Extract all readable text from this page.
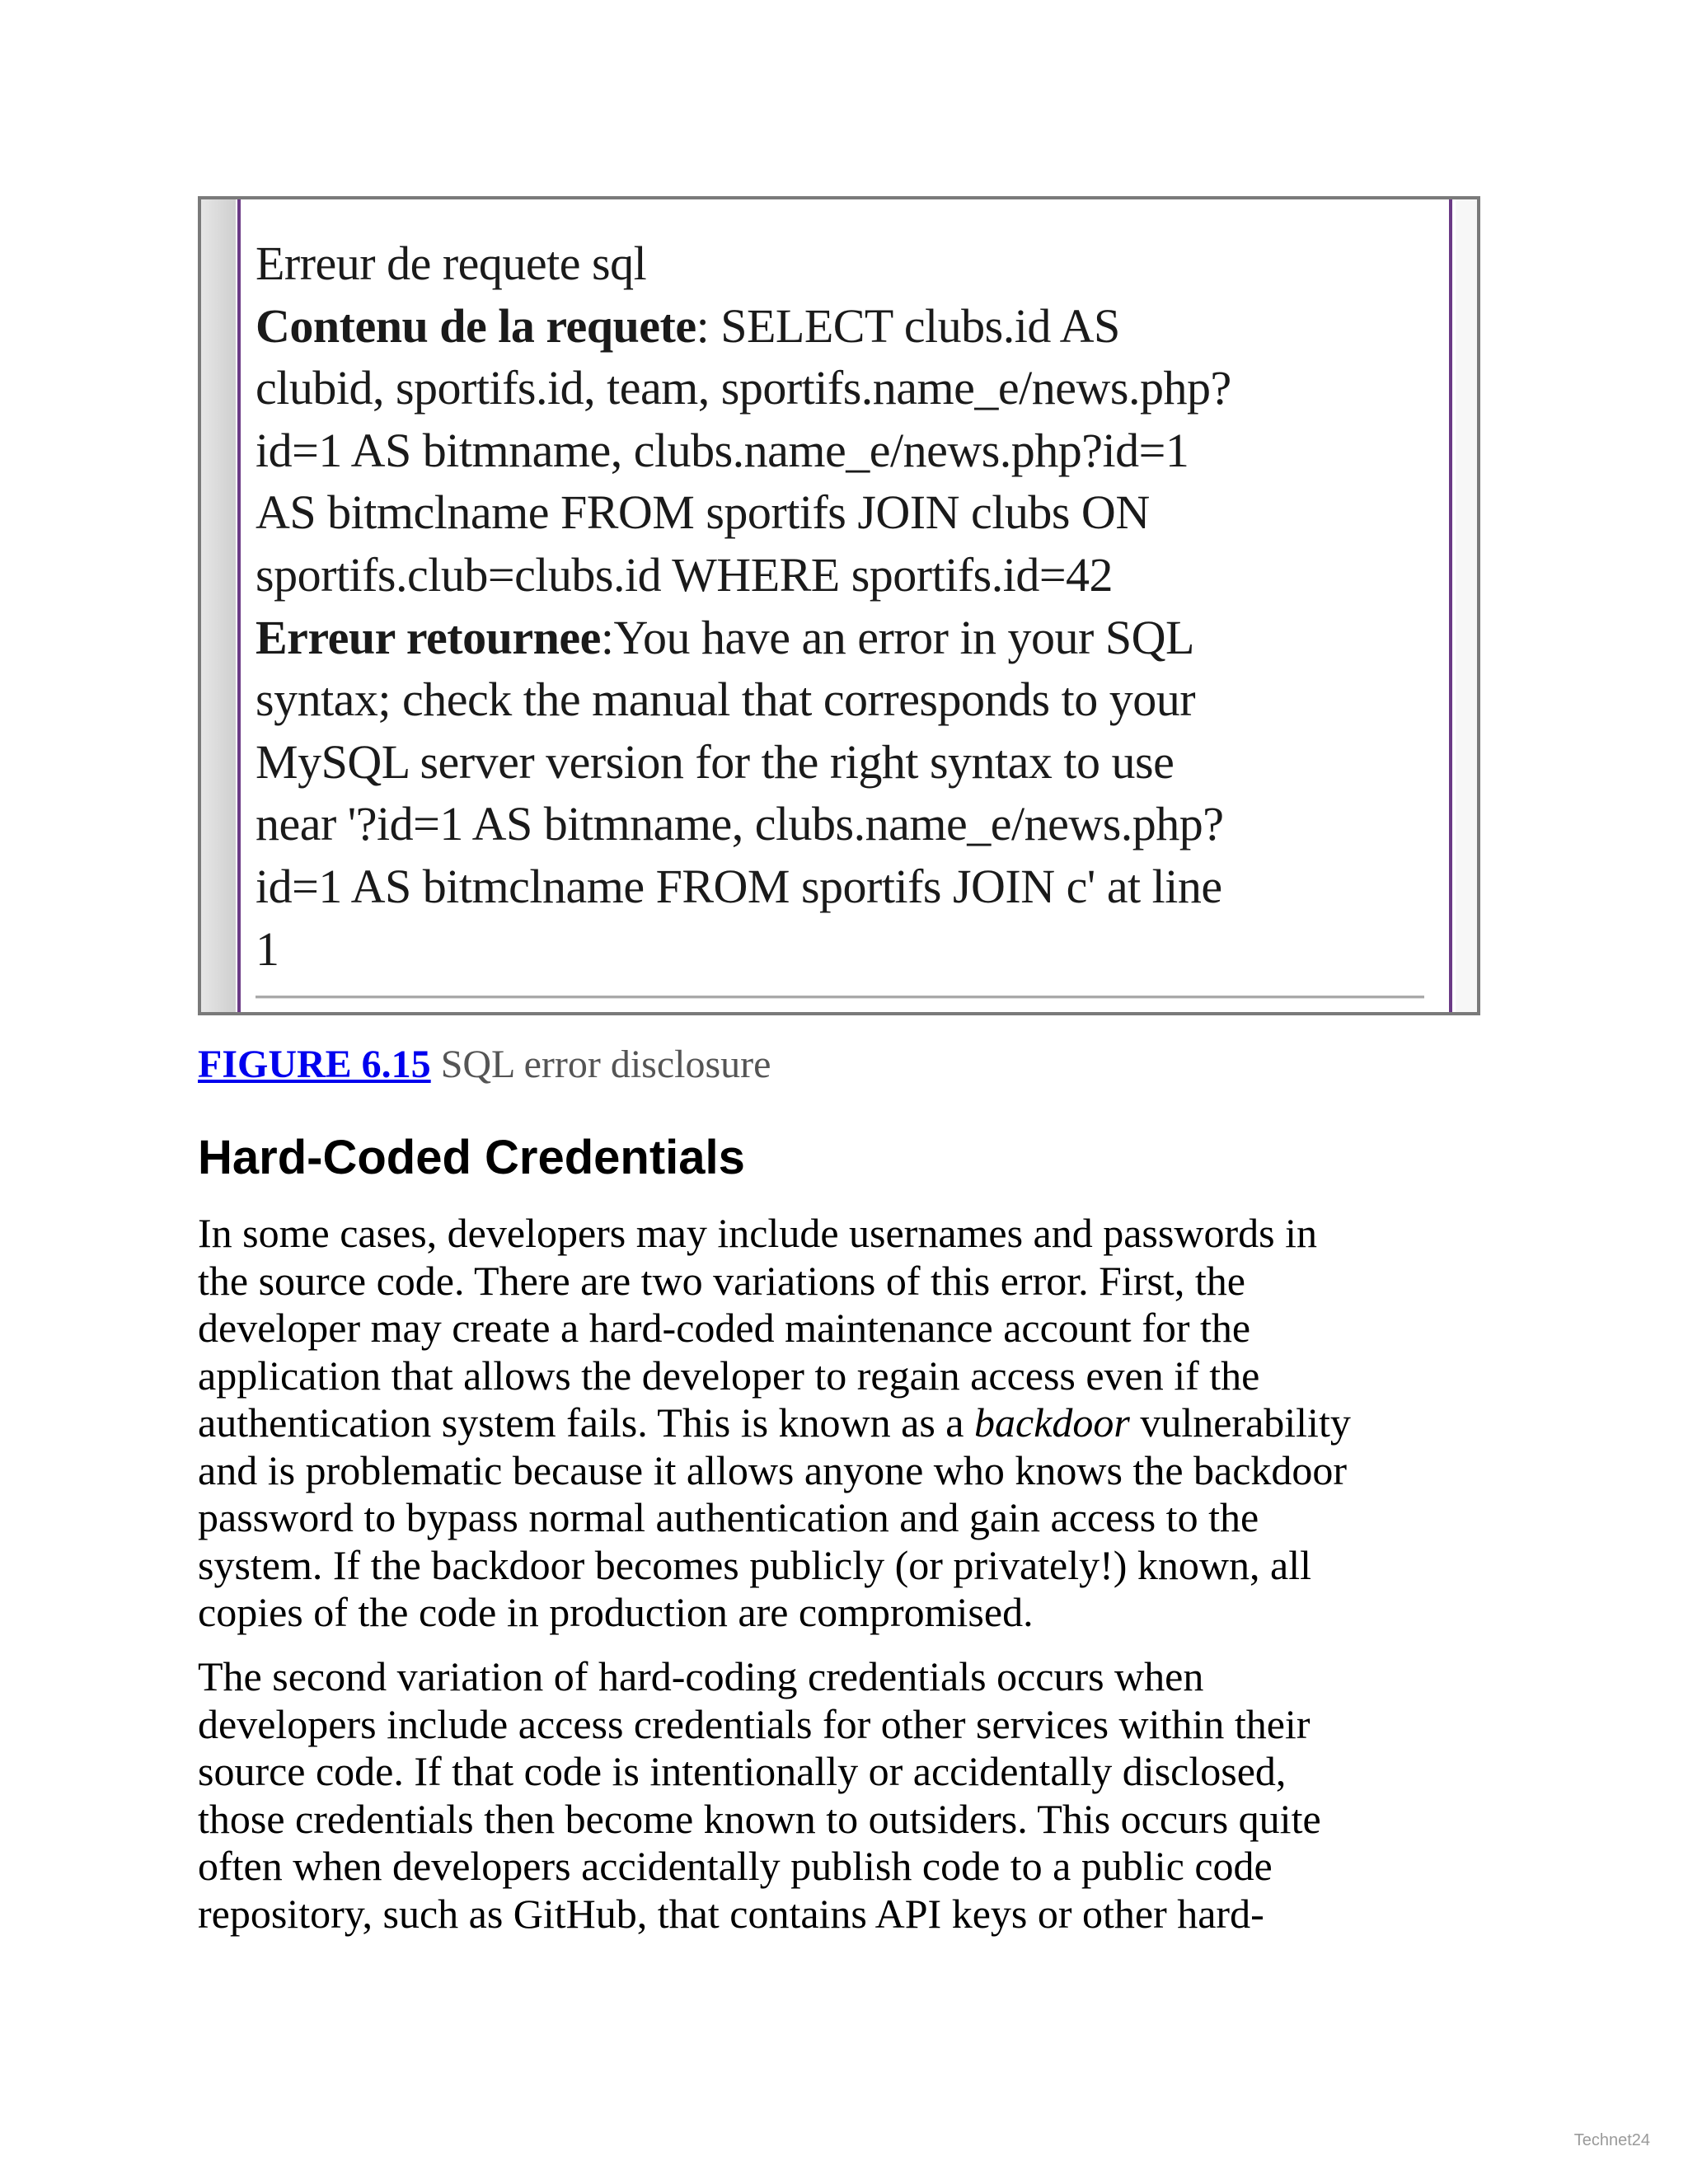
Erreur de requete sql
Contenu de la requete: SELECT clubs.id AS
clubid, sportifs.id, team, sportifs.name_e/news.php?
id=1 AS bitmname, clubs.name_e/news.php?id=1
AS bitmclname FROM sportifs JOIN clubs ON
sportifs.club=clubs.id WHERE sportifs.id=42
Erreur retournee:You have an error in your SQL
syntax; check the manual that corresponds to your
MySQL server version for the right syntax to use
near '?id=1 AS bitmname, clubs.name_e/news.php?
id=1 AS bitmclname FROM sportifs JOIN c' at line
1
FIGURE 6.15 SQL error disclosure
Hard-Coded Credentials

In some cases, developers may include usernames and passwords in
the source code. There are two variations of this error. First, the
developer may create a hard-coded maintenance account for the
application that allows the developer to regain access even if the
authentication system fails. This is known as a backdoor vulnerability
and is problematic because it allows anyone who knows the backdoor
password to bypass normal authentication and gain access to the
system. If the backdoor becomes publicly (or privately!) known, all
copies of the code in production are compromised.

The second variation of hard-coding credentials occurs when
developers include access credentials for other services within their
source code. If that code is intentionally or accidentally disclosed,
those credentials then become known to outsiders. This occurs quite
often when developers accidentally publish code to a public code
repository, such as GitHub, that contains API keys or other hard-

Technet24
